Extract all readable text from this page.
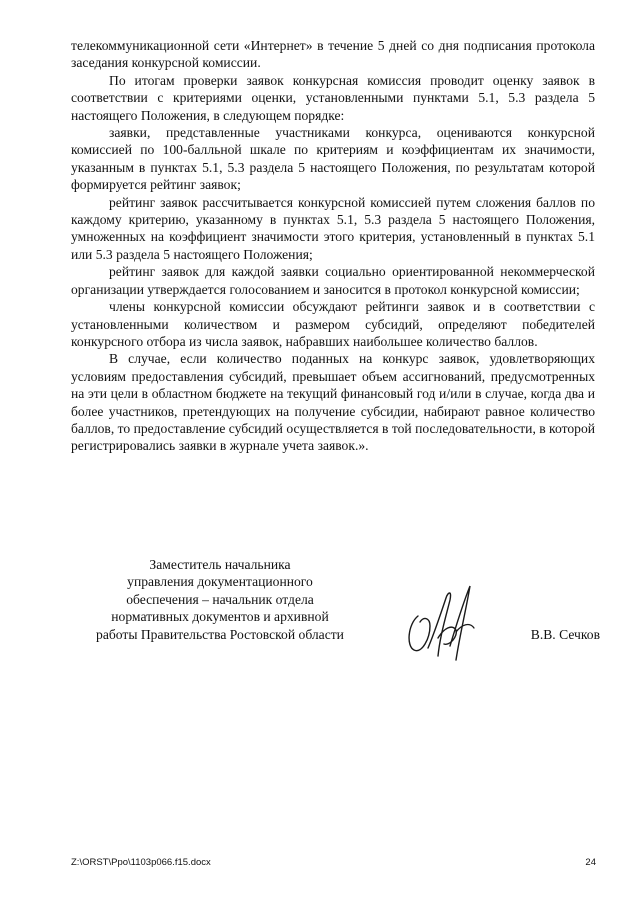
телекоммуникационной сети «Интернет» в течение 5 дней со дня подписания протокола заседания конкурсной комиссии.

По итогам проверки заявок конкурсная комиссия проводит оценку заявок в соответствии с критериями оценки, установленными пунктами 5.1, 5.3 раздела 5 настоящего Положения, в следующем порядке:

заявки, представленные участниками конкурса, оцениваются конкурсной комиссией по 100-балльной шкале по критериям и коэффициентам их значимости, указанным в пунктах 5.1, 5.3 раздела 5 настоящего Положения, по результатам которой формируется рейтинг заявок;

рейтинг заявок рассчитывается конкурсной комиссией путем сложения баллов по каждому критерию, указанному в пунктах 5.1, 5.3 раздела 5 настоящего Положения, умноженных на коэффициент значимости этого критерия, установленный в пунктах 5.1 или 5.3 раздела 5 настоящего Положения;

рейтинг заявок для каждой заявки социально ориентированной некоммерческой организации утверждается голосованием и заносится в протокол конкурсной комиссии;

члены конкурсной комиссии обсуждают рейтинги заявок и в соответствии с установленными количеством и размером субсидий, определяют победителей конкурсного отбора из числа заявок, набравших наибольшее количество баллов.

В случае, если количество поданных на конкурс заявок, удовлетворяющих условиям предоставления субсидий, превышает объем ассигнований, предусмотренных на эти цели в областном бюджете на текущий финансовый год и/или в случае, когда два и более участников, претендующих на получение субсидии, набирают равное количество баллов, то предоставление субсидий осуществляется в той последовательности, в которой регистрировались заявки в журнале учета заявок.».

Заместитель начальника
управления документационного
обеспечения – начальник отдела
нормативных документов и архивной
работы Правительства Ростовской области	В.В. Сечков
Z:\ORST\Ppo\1103p066.f15.docx	24
